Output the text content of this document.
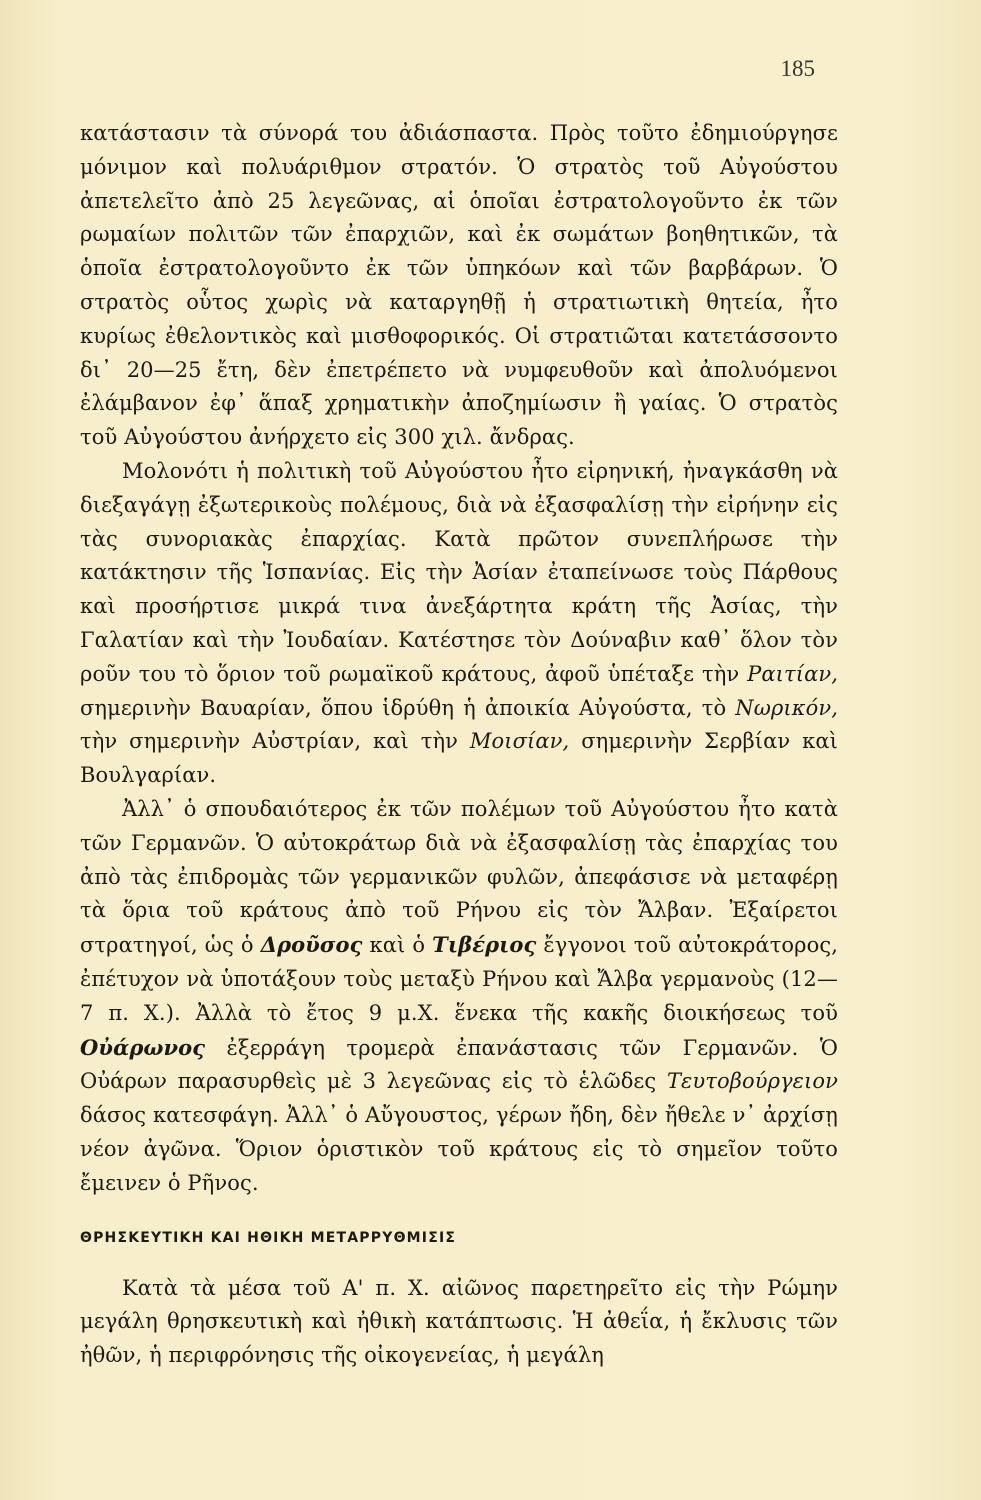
185

κατάστασιν τὰ σύνορά του ἀδιάσπαστα. Πρὸς τοῦτο ἐδημιούργησε μόνιμον καὶ πολυάριθμον στρατόν. Ὁ στρατὸς τοῦ Αὐγούστου ἀπετελεῖτο ἀπὸ 25 λεγεῶνας, αἱ ὁποῖαι ἐστρατολογοῦντο ἐκ τῶν ρωμαίων πολιτῶν τῶν ἐπαρχιῶν, καὶ ἐκ σωμάτων βοηθητικῶν, τὰ ὁποῖα ἐστρατολογοῦντο ἐκ τῶν ὑπηκόων καὶ τῶν βαρβάρων. Ὁ στρατὸς οὗτος χωρὶς νὰ καταργηθῇ ἡ στρατιωτικὴ θητεία, ἦτο κυρίως ἐθελοντικὸς καὶ μισθοφορικός. Οἱ στρατιῶται κατετάσσοντο δι᾿ 20—25 ἔτη, δὲν ἐπετρέπετο νὰ νυμφευθοῦν καὶ ἀπολυόμενοι ἐλάμβανον ἐφ᾿ ἅπαξ χρηματικὴν ἀποζημίωσιν ἢ γαίας. Ὁ στρατὸς τοῦ Αὐγούστου ἀνήρχετο εἰς 300 χιλ. ἄνδρας.

Μολονότι ἡ πολιτικὴ τοῦ Αὐγούστου ἦτο εἰρηνική, ἠναγκάσθη νὰ διεξαγάγῃ ἐξωτερικοὺς πολέμους, διὰ νὰ ἐξασφαλίσῃ τὴν εἰρήνην εἰς τὰς συνοριακὰς ἐπαρχίας. Κατὰ πρῶτον συνεπλήρωσε τὴν κατάκτησιν τῆς Ἱσπανίας. Εἰς τὴν Ἀσίαν ἐταπείνωσε τοὺς Πάρθους καὶ προσήρτισε μικρά τινα ἀνεξάρτητα κράτη τῆς Ἀσίας, τὴν Γαλατίαν καὶ τὴν Ἰουδαίαν. Κατέστησε τὸν Δούναβιν καθ᾿ ὅλον τὸν ροῦν του τὸ ὅριον τοῦ ρωμαϊκοῦ κράτους, ἀφοῦ ὑπέταξε τὴν Ραιτίαν, σημερινὴν Βαυαρίαν, ὅπου ἱδρύθη ἡ ἀποικία Αὐγούστα, τὸ Νωρικόν, τὴν σημερινὴν Αὐστρίαν, καὶ τὴν Μοισίαν, σημερινὴν Σερβίαν καὶ Βουλγαρίαν.

Ἀλλ᾿ ὁ σπουδαιότερος ἐκ τῶν πολέμων τοῦ Αὐγούστου ἦτο κατὰ τῶν Γερμανῶν. Ὁ αὐτοκράτωρ διὰ νὰ ἐξασφαλίσῃ τὰς ἐπαρχίας του ἀπὸ τὰς ἐπιδρομὰς τῶν γερμανικῶν φυλῶν, ἀπεφάσισε νὰ μεταφέρῃ τὰ ὅρια τοῦ κράτους ἀπὸ τοῦ Ρήνου εἰς τὸν Ἄλβαν. Ἐξαίρετοι στρατηγοί, ὡς ὁ Δροῦσος καὶ ὁ Τιβέριος ἔγγονοι τοῦ αὐτοκράτορος, ἐπέτυχον νὰ ὑποτάξουν τοὺς μεταξὺ Ρήνου καὶ Ἄλβα γερμανοὺς (12—7 π. Χ.). Ἀλλὰ τὸ ἔτος 9 μ.Χ. ἕνεκα τῆς κακῆς διοικήσεως τοῦ Οὐάρωνος ἐξερράγη τρομερὰ ἐπανάστασις τῶν Γερμανῶν. Ὁ Οὐάρων παρασυρθεὶς μὲ 3 λεγεῶνας εἰς τὸ ἑλῶδες Τευτοβούργειον δάσος κατεσφάγη. Ἀλλ᾿ ὁ Αὔγουστος, γέρων ἤδη, δὲν ἤθελε ν᾿ ἀρχίσῃ νέον ἀγῶνα. Ὅριον ὁριστικὸν τοῦ κράτους εἰς τὸ σημεῖον τοῦτο ἔμεινεν ὁ Ρῆνος.

ΘΡΗΣΚΕΥΤΙΚΗ ΚΑΙ ΗΘΙΚΗ ΜΕΤΑΡΡΥΘΜΙΣΙΣ

Κατὰ τὰ μέσα τοῦ Α' π. Χ. αἰῶνος παρετηρεῖτο εἰς τὴν Ρώμην μεγάλη θρησκευτικὴ καὶ ἠθικὴ κατάπτωσις. Ἡ ἀθεΐα, ἡ ἔκλυσις τῶν ἠθῶν, ἡ περιφρόνησις τῆς οἰκογενείας, ἡ μεγάλη
